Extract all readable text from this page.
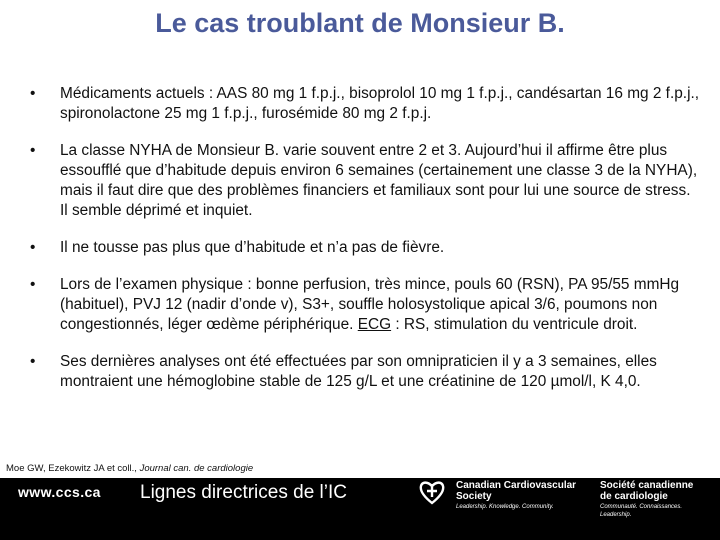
Le cas troublant de Monsieur B.
• Médicaments actuels : AAS 80 mg 1 f.p.j., bisoprolol 10 mg 1 f.p.j., candésartan 16 mg 2 f.p.j., spironolactone 25 mg 1 f.p.j., furosémide 80 mg 2 f.p.j.
• La classe NYHA de Monsieur B. varie souvent entre 2 et 3. Aujourd’hui il affirme être plus essoufflé que d’habitude depuis environ 6 semaines (certainement une classe 3 de la NYHA), mais il faut dire que des problèmes financiers et familiaux sont pour lui une source de stress. Il semble déprimé et inquiet.
• Il ne tousse pas plus que d’habitude et n’a pas de fièvre.
• Lors de l’examen physique : bonne perfusion, très mince, pouls 60 (RSN), PA 95/55 mmHg (habituel), PVJ 12 (nadir d’onde v), S3+, souffle holosystolique apical 3/6, poumons non congestionnés, léger œdème périphérique. ECG : RS, stimulation du ventricule droit.
• Ses dernières analyses ont été effectuées par son omnipraticien il y a 3 semaines, elles montraient une hémoglobine stable de 125 g/L et une créatinine de 120 µmol/l, K 4,0.
Moe GW, Ezekowitz JA et coll., Journal can. de cardiologie
www.ccs.ca Lignes directrices de l’IC	Canadian Cardiovascular
Society
Leadership. Knowledge. Community.
Société canadienne
de cardiologie
Communauté. Connaissances. Leadership.
